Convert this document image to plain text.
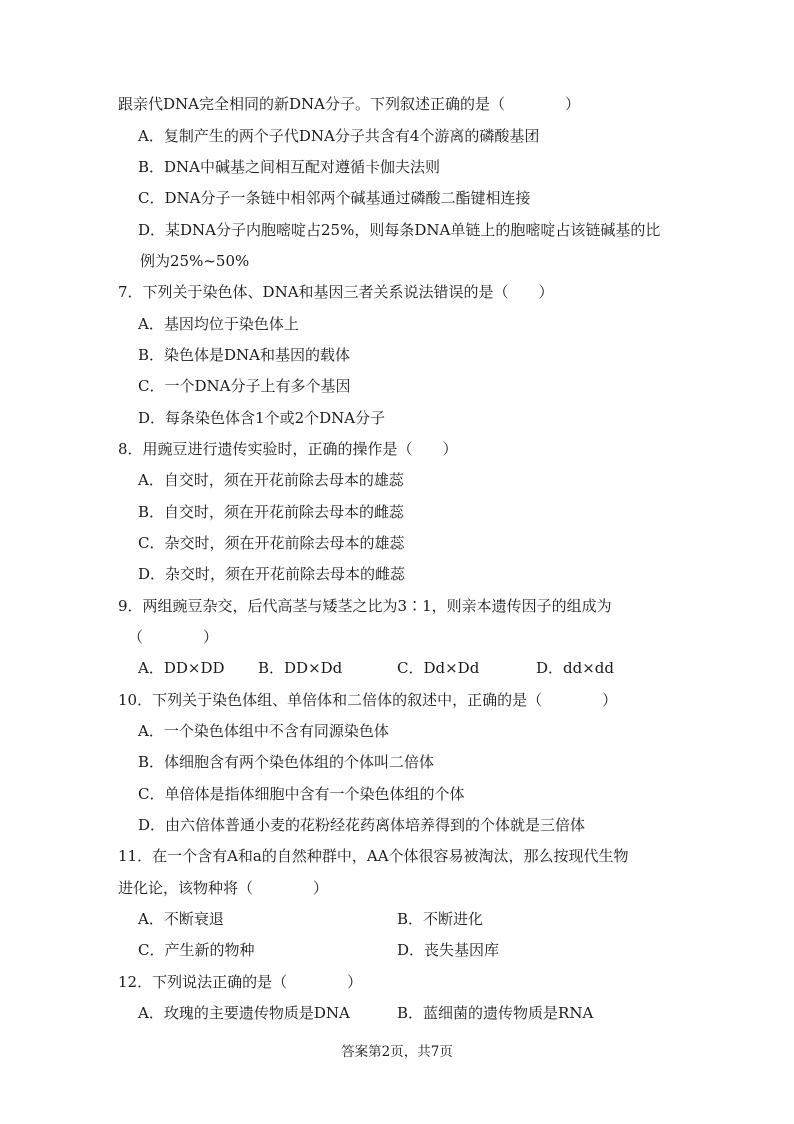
跟亲代DNA完全相同的新DNA分子。下列叙述正确的是（　　　　）
A．复制产生的两个子代DNA分子共含有4个游离的磷酸基团
B．DNA中碱基之间相互配对遵循卡伽夫法则
C．DNA分子一条链中相邻两个碱基通过磷酸二酯键相连接
D．某DNA分子内胞嘧啶占25%，则每条DNA单链上的胞嘧啶占该链碱基的比
例为25%~50%
7．下列关于染色体、DNA和基因三者关系说法错误的是（　　）
A．基因均位于染色体上
B．染色体是DNA和基因的载体
C．一个DNA分子上有多个基因
D．每条染色体含1个或2个DNA分子
8．用豌豆进行遗传实验时，正确的操作是（　　）
A．自交时，须在开花前除去母本的雄蕊
B．自交时，须在开花前除去母本的雌蕊
C．杂交时，须在开花前除去母本的雄蕊
D．杂交时，须在开花前除去母本的雌蕊
9．两组豌豆杂交，后代高茎与矮茎之比为3∶1，则亲本遗传因子的组成为
（　　　　）
A．DD×DD B．DD×Dd	C．Dd×Dd	D．dd×dd
10．下列关于染色体组、单倍体和二倍体的叙述中，正确的是（　　　　）
A．一个染色体组中不含有同源染色体
B．体细胞含有两个染色体组的个体叫二倍体
C．单倍体是指体细胞中含有一个染色体组的个体
D．由六倍体普通小麦的花粉经花药离体培养得到的个体就是三倍体
11．在一个含有A和a的自然种群中，AA个体很容易被淘汰，那么按现代生物
进化论，该物种将（　　　　）
A．不断衰退	B．不断进化
C．产生新的物种	D．丧失基因库
12．下列说法正确的是（　　　　）
A．玫瑰的主要遗传物质是DNA	B．蓝细菌的遗传物质是RNA
答案第2页，共7页
